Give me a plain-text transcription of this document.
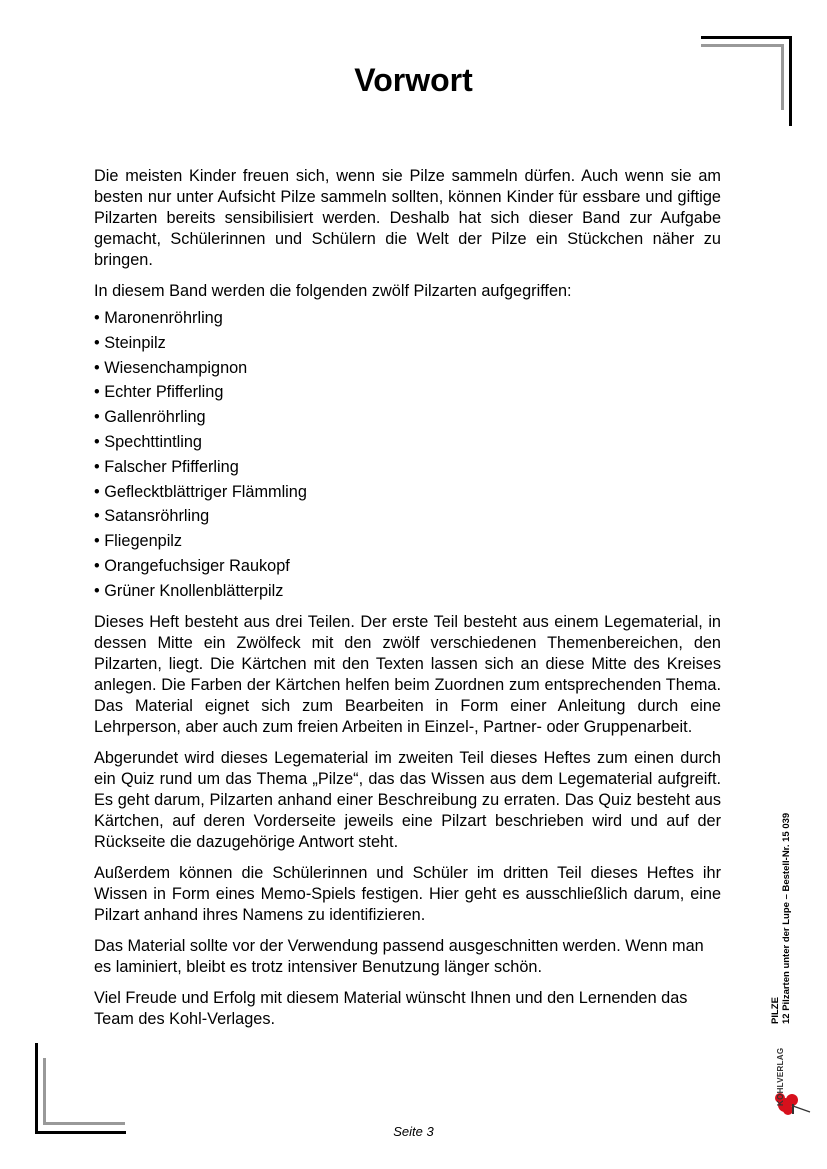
Vorwort

Die meisten Kinder freuen sich, wenn sie Pilze sammeln dürfen. Auch wenn sie am besten nur unter Aufsicht Pilze sammeln sollten, können Kinder für essbare und giftige Pilzarten bereits sensibilisiert werden. Deshalb hat sich dieser Band zur Aufgabe gemacht, Schülerinnen und Schülern die Welt der Pilze ein Stückchen näher zu bringen.

In diesem Band werden die folgenden zwölf Pilzarten aufgegriffen:

• Maronenröhrling
• Steinpilz
• Wiesenchampignon
• Echter Pfifferling
• Gallenröhrling
• Spechttintling
• Falscher Pfifferling
• Geflecktblättriger Flämmling
• Satansröhrling
• Fliegenpilz
• Orangefuchsiger Raukopf
• Grüner Knollenblätterpilz

Dieses Heft besteht aus drei Teilen. Der erste Teil besteht aus einem Legematerial, in dessen Mitte ein Zwölfeck mit den zwölf verschiedenen Themenbereichen, den Pilzarten, liegt. Die Kärtchen mit den Texten lassen sich an diese Mitte des Kreises anlegen. Die Farben der Kärtchen helfen beim Zuordnen zum entsprechenden Thema. Das Material eignet sich zum Bearbeiten in Form einer Anleitung durch eine Lehrperson, aber auch zum freien Arbeiten in Einzel-, Partner- oder Gruppenarbeit.

Abgerundet wird dieses Legematerial im zweiten Teil dieses Heftes zum einen durch ein Quiz rund um das Thema „Pilze“, das das Wissen aus dem Legematerial aufgreift. Es geht darum, Pilzarten anhand einer Beschreibung zu erraten. Das Quiz besteht aus Kärtchen, auf deren Vorderseite jeweils eine Pilzart beschrieben wird und auf der Rückseite die dazugehörige Antwort steht.

Außerdem können die Schülerinnen und Schüler im dritten Teil dieses Heftes ihr Wissen in Form eines Memo-Spiels festigen. Hier geht es ausschließlich darum, eine Pilzart anhand ihres Namens zu identifizieren.

Das Material sollte vor der Verwendung passend ausgeschnitten werden. Wenn man es laminiert, bleibt es trotz intensiver Benutzung länger schön.

Viel Freude und Erfolg mit diesem Material wünscht Ihnen und den Lernenden das Team des Kohl-Verlages.	PILZE 12 Pilzarten unter der Lupe – Bestell-Nr. 15 039
KOHLVERLAG
Seite 3
